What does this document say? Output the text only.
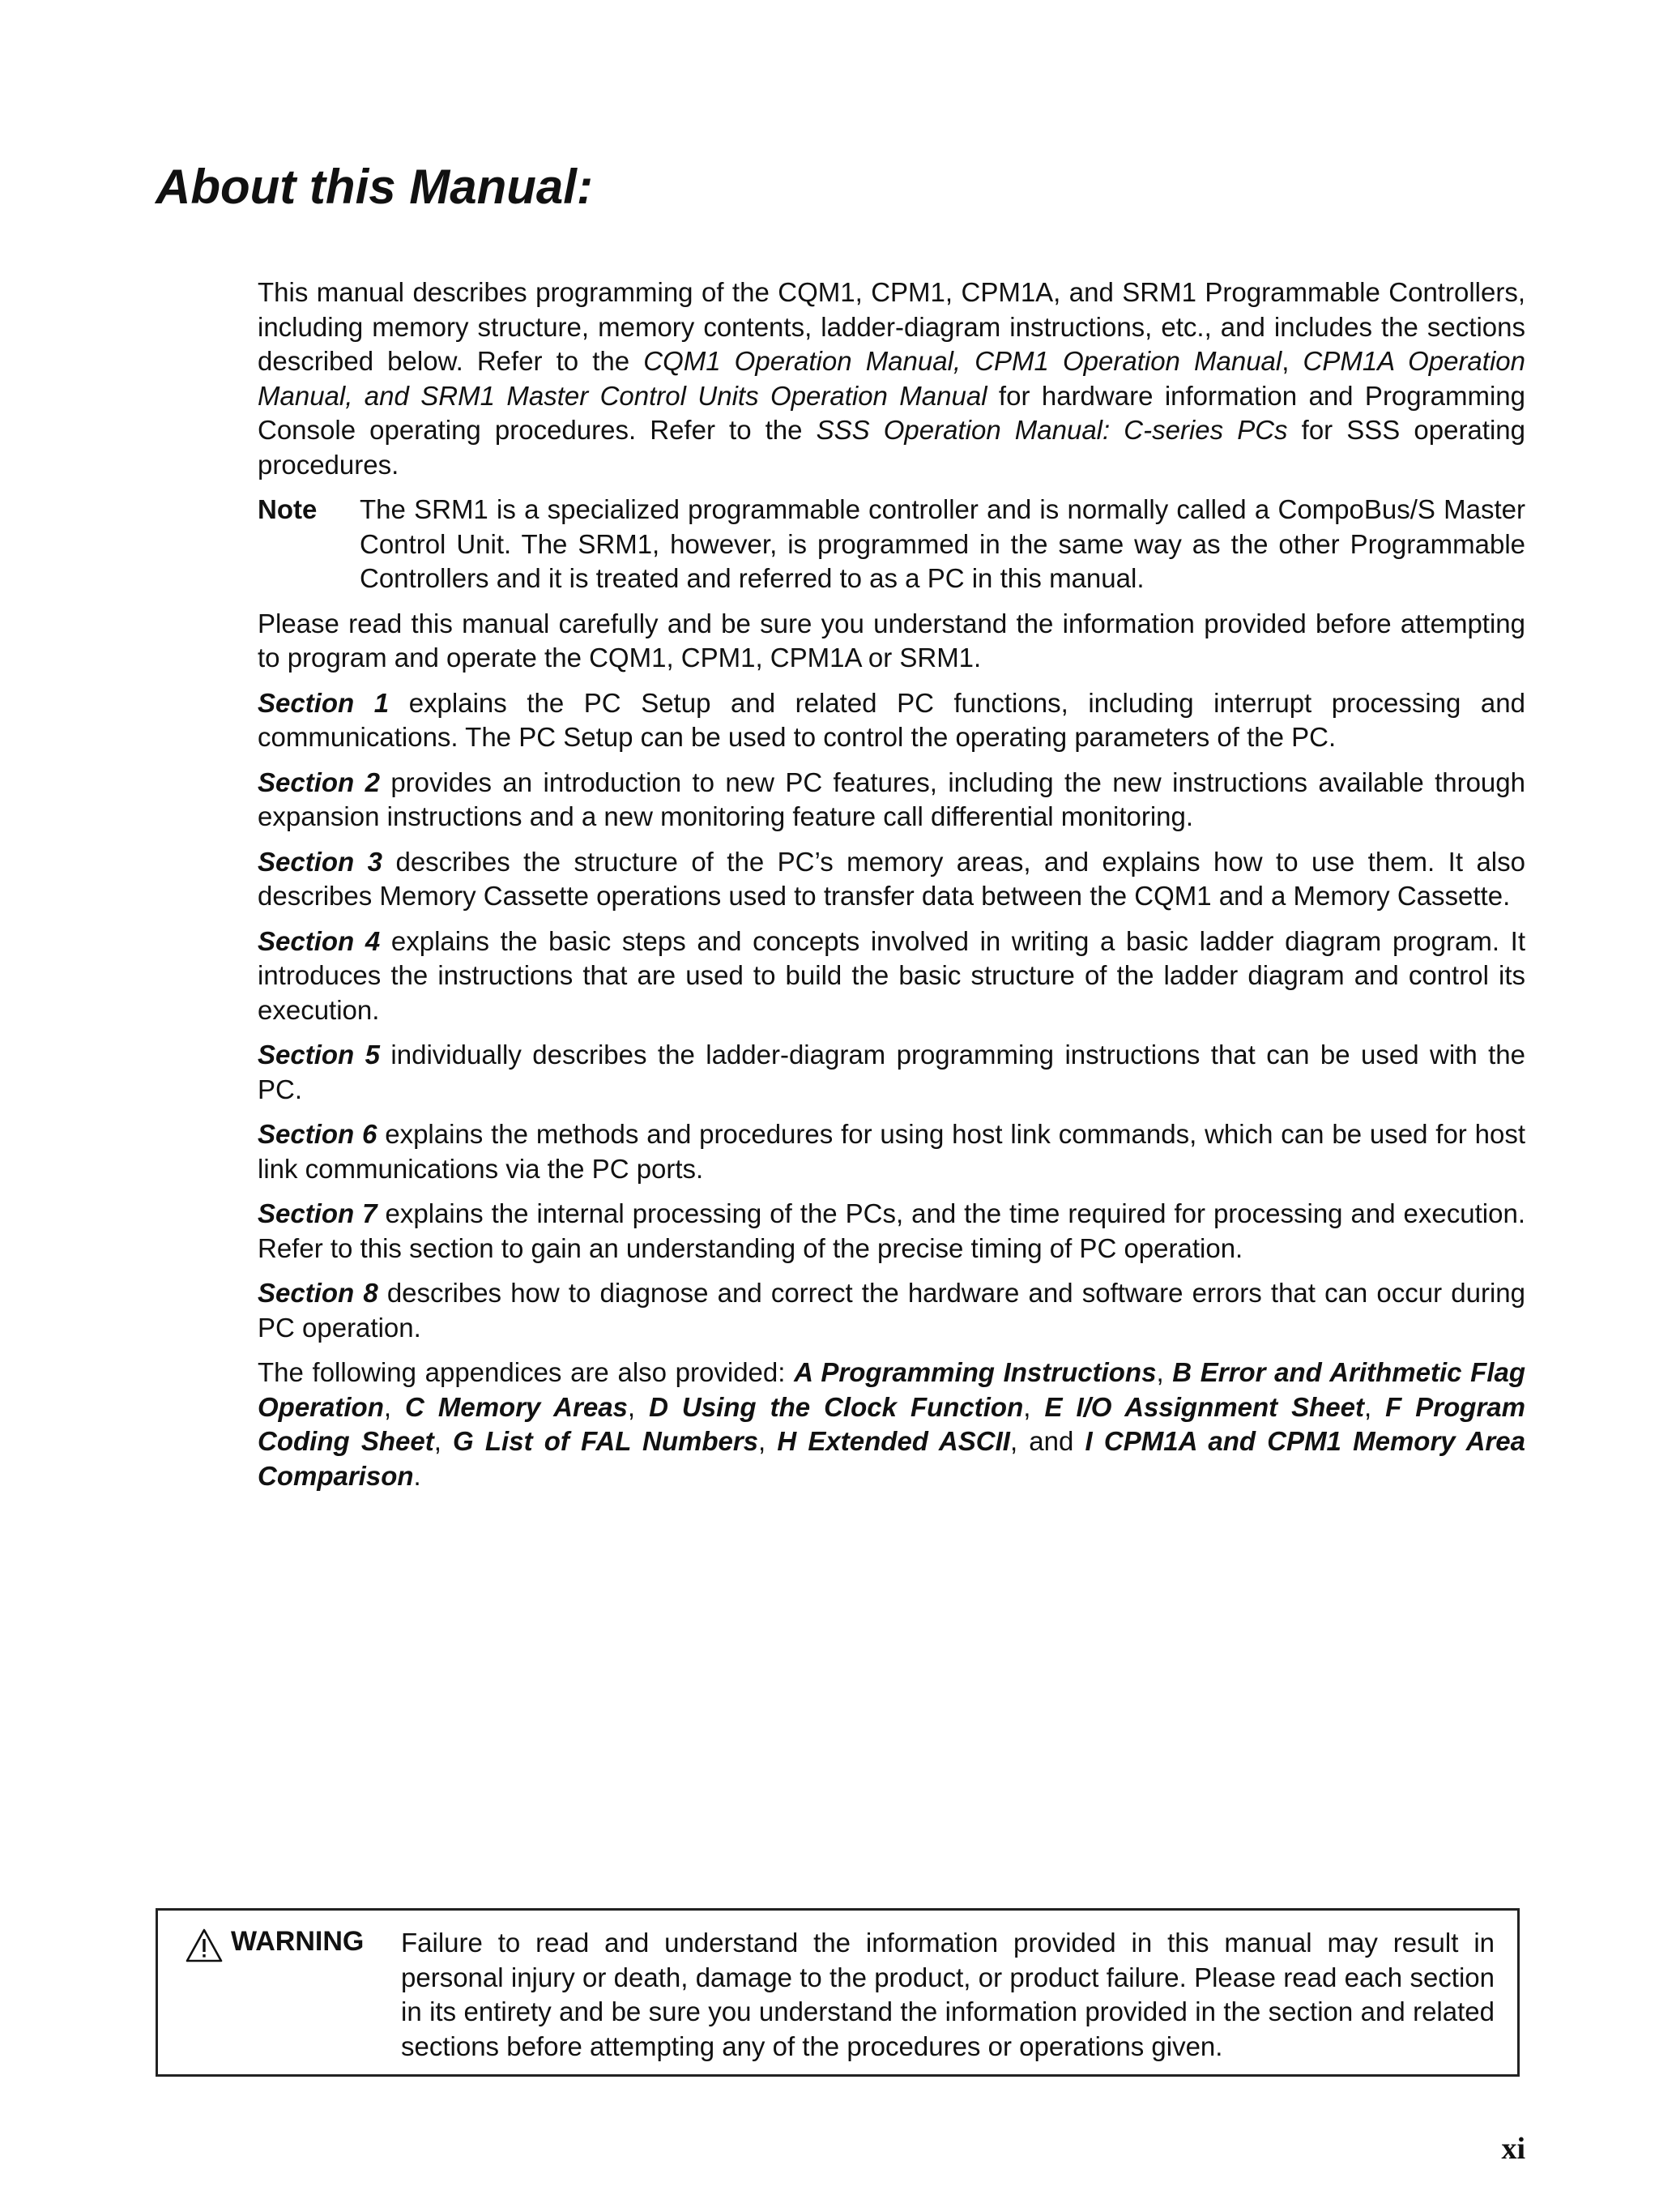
About this Manual:

This manual describes programming of the CQM1, CPM1, CPM1A, and SRM1 Programmable Controllers, including memory structure, memory contents, ladder-diagram instructions, etc., and includes the sections described below. Refer to the CQM1 Operation Manual, CPM1 Operation Manual, CPM1A Operation Manual, and SRM1 Master Control Units Operation Manual for hardware information and Programming Console operating procedures. Refer to the SSS Operation Manual: C-series PCs for SSS operating procedures.

Note	The SRM1 is a specialized programmable controller and is normally called a CompoBus/S Master Control Unit. The SRM1, however, is programmed in the same way as the other Programmable Controllers and it is treated and referred to as a PC in this manual.

Please read this manual carefully and be sure you understand the information provided before attempting to program and operate the CQM1, CPM1, CPM1A or SRM1.

Section 1 explains the PC Setup and related PC functions, including interrupt processing and communications. The PC Setup can be used to control the operating parameters of the PC.

Section 2 provides an introduction to new PC features, including the new instructions available through expansion instructions and a new monitoring feature call differential monitoring.

Section 3 describes the structure of the PC’s memory areas, and explains how to use them. It also describes Memory Cassette operations used to transfer data between the CQM1 and a Memory Cassette.

Section 4 explains the basic steps and concepts involved in writing a basic ladder diagram program. It introduces the instructions that are used to build the basic structure of the ladder diagram and control its execution.

Section 5 individually describes the ladder-diagram programming instructions that can be used with the PC.

Section 6 explains the methods and procedures for using host link commands, which can be used for host link communications via the PC ports.

Section 7 explains the internal processing of the PCs, and the time required for processing and execution. Refer to this section to gain an understanding of the precise timing of PC operation.

Section 8 describes how to diagnose and correct the hardware and software errors that can occur during PC operation.

The following appendices are also provided: A Programming Instructions, B Error and Arithmetic Flag Operation, C Memory Areas, D Using the Clock Function, E I/O Assignment Sheet, F Program Coding Sheet, G List of FAL Numbers, H Extended ASCII, and I CPM1A and CPM1 Memory Area Comparison.

WARNING Failure to read and understand the information provided in this manual may result in personal injury or death, damage to the product, or product failure. Please read each section in its entirety and be sure you understand the information provided in the section and related sections before attempting any of the procedures or operations given.
xi
